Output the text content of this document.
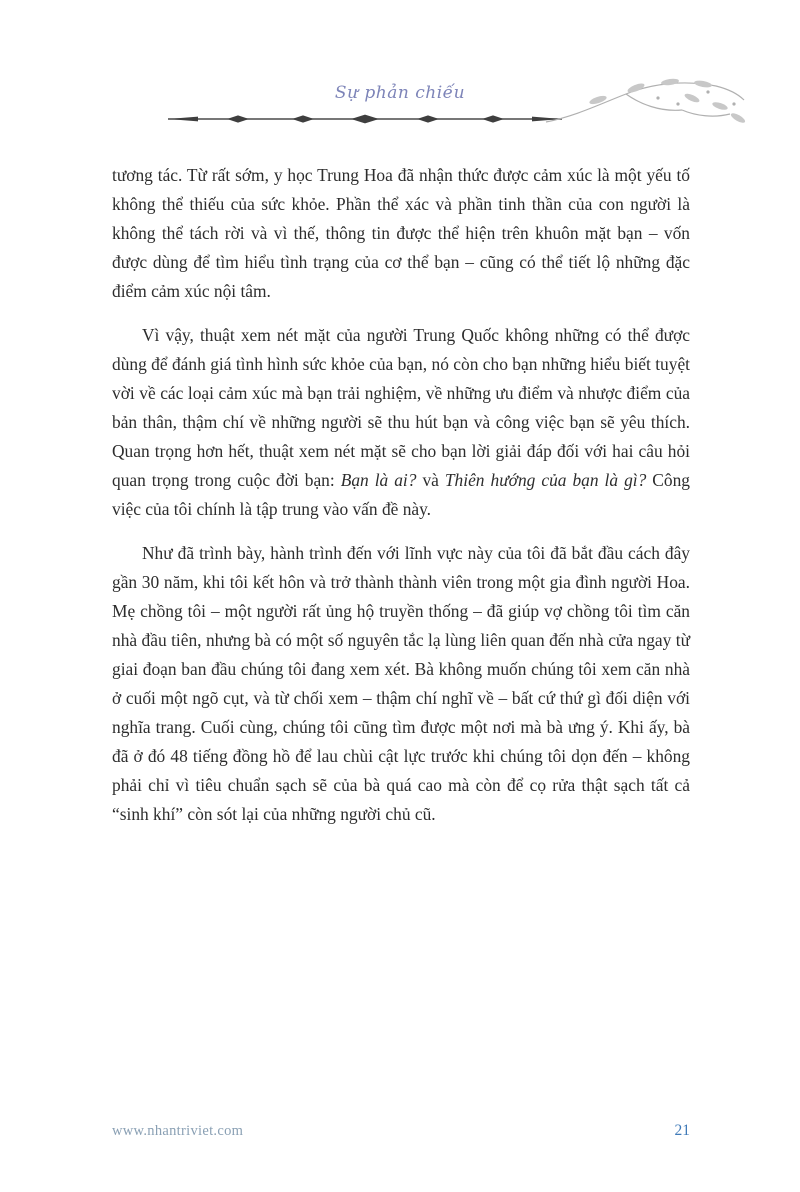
Sự phản chiếu

tương tác. Từ rất sớm, y học Trung Hoa đã nhận thức được cảm xúc là một yếu tố không thể thiếu của sức khỏe. Phần thể xác và phần tinh thần của con người là không thể tách rời và vì thế, thông tin được thể hiện trên khuôn mặt bạn – vốn được dùng để tìm hiểu tình trạng của cơ thể bạn – cũng có thể tiết lộ những đặc điểm cảm xúc nội tâm.

Vì vậy, thuật xem nét mặt của người Trung Quốc không những có thể được dùng để đánh giá tình hình sức khỏe của bạn, nó còn cho bạn những hiểu biết tuyệt vời về các loại cảm xúc mà bạn trải nghiệm, về những ưu điểm và nhược điểm của bản thân, thậm chí về những người sẽ thu hút bạn và công việc bạn sẽ yêu thích. Quan trọng hơn hết, thuật xem nét mặt sẽ cho bạn lời giải đáp đối với hai câu hỏi quan trọng trong cuộc đời bạn: Bạn là ai? và Thiên hướng của bạn là gì? Công việc của tôi chính là tập trung vào vấn đề này.

Như đã trình bày, hành trình đến với lĩnh vực này của tôi đã bắt đầu cách đây gần 30 năm, khi tôi kết hôn và trở thành thành viên trong một gia đình người Hoa. Mẹ chồng tôi – một người rất ủng hộ truyền thống – đã giúp vợ chồng tôi tìm căn nhà đầu tiên, nhưng bà có một số nguyên tắc lạ lùng liên quan đến nhà cửa ngay từ giai đoạn ban đầu chúng tôi đang xem xét. Bà không muốn chúng tôi xem căn nhà ở cuối một ngõ cụt, và từ chối xem – thậm chí nghĩ về – bất cứ thứ gì đối diện với nghĩa trang. Cuối cùng, chúng tôi cũng tìm được một nơi mà bà ưng ý. Khi ấy, bà đã ở đó 48 tiếng đồng hồ để lau chùi cật lực trước khi chúng tôi dọn đến – không phải chỉ vì tiêu chuẩn sạch sẽ của bà quá cao mà còn để cọ rửa thật sạch tất cả “sinh khí” còn sót lại của những người chủ cũ.

www.nhantriviet.com	21
